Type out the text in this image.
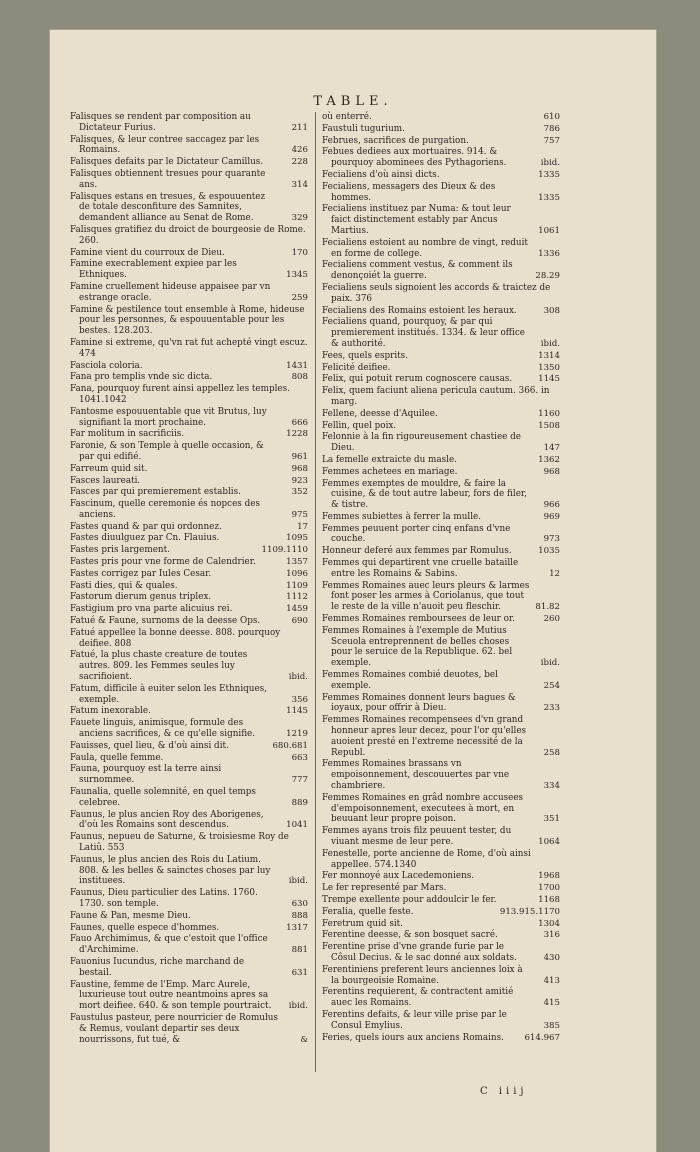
TABLE.
Falisques se rendent par composition au Dictateur Furius.	211
Falisques, & leur contree saccagez par les Romains.	426
Falisques defaits par le Dictateur Camillus.	228
Falisques obtiennent tresues pour quarante ans.	314
Falisques estans en tresues, & espouuentez de totale desconfiture des Samnites, demandent alliance au Senat de Rome.	329
Falisques gratifiez du droict de bourgeosie de Rome. 260.
Famine vient du courroux de Dieu.	170
Famine execrablement expiee par les Ethniques.	1345
Famine cruellement hideuse appaisee par vn estrange oracle.	259
Famine & pestilence tout ensemble à Rome, hideuse pour les personnes, & espouuentable pour les bestes. 128.203.
Famine si extreme, qu'vn rat fut achepté vingt escuz. 474
Fasciola coloria.	1431
Fana pro templis vnde sic dicta.	808
Fana, pourquoy furent ainsi appellez les temples. 1041.1042
Fantosme espouuentable que vit Brutus, luy signifiant la mort prochaine.	666
Far molitum in sacrificiis.	1228
Faronie, & son Temple à quelle occasion, & par qui edifié.	961
Farreum quid sit.	968
Fasces laureati.	923
Fasces par qui premierement establis.	352
Fascinum, quelle ceremonie és nopces des anciens.	975
Fastes quand & par qui ordonnez.	17
Fastes diuulguez par Cn. Flauius.	1095
Fastes pris largement.	1109.1110
Fastes pris pour vne forme de Calendrier.	1357
Fastes corrigez par Iules Cesar.	1096
Fasti dies, qui & quales.	1109
Fastorum dierum genus triplex.	1112
Fastigium pro vna parte alicuius rei.	1459
Fatué & Faune, surnoms de la deesse Ops.	690
Fatué appellee la bonne deesse. 808. pourquoy deifiee. 808
Fatué, la plus chaste creature de toutes autres. 809. les Femmes seules luy sacrifioient.	ibid.
Fatum, difficile à euiter selon les Ethniques, exemple.	356
Fatum inexorable.	1145
Fauete linguis, animisque, formule des anciens sacrifices, & ce qu'elle signifie.	1219
Fauisses, quel lieu, & d'où ainsi dit.	680.681
Faula, quelle femme.	663
Fauna, pourquoy est la terre ainsi surnommee.	777
Faunalia, quelle solemnité, en quel temps celebree.	889
Faunus, le plus ancien Roy des Aborigenes, d'où les Romains sont descendus.	1041
Faunus, nepueu de Saturne, & troisiesme Roy de Latiû. 553
Faunus, le plus ancien des Rois du Latium. 808. & les belles & sainctes choses par luy instituees.	ibid.
Faunus, Dieu particulier des Latins. 1760. 1730. son temple.	630
Faune & Pan, mesme Dieu.	888
Faunes, quelle espece d'hommes.	1317
Fauo Archimimus, & que c'estoit que l'office d'Archimime.	881
Fauonius Iucundus, riche marchand de bestail.	631
Faustine, femme de l'Emp. Marc Aurele, luxurieuse tout outre neantmoins apres sa mort deifiee. 640. & son temple pourtraict. ibid.
Faustulus pasteur, pere nourricier de Romulus & Remus, voulant departir ses deux nourrissons, fut tué, &	&
où enterré.	610
Faustuli tugurium.	786
Februes, sacrifices de purgation.	757
Febues dediees aux mortuaires. 914. & pourquoy abominees des Pythagoriens.	ibid.
Fecialiens d'où ainsi dicts.	1335
Fecialiens, messagers des Dieux & des hommes.	1335
Fecialiens instituez par Numa: & tout leur faict distinctement estably par Ancus Martius.	1061
Fecialiens estoient au nombre de vingt, reduit en forme de college.	1336
Fecialiens comment vestus, & comment ils denonçoiét la guerre.	28.29
Fecialiens seuls signoient les accords & traictez de paix. 376
Fecialiens des Romains estoient les heraux.	308
Fecialiens quand, pourquoy, & par qui premierement institués. 1334. & leur office & authorité.	ibid.
Fees, quels esprits.	1314
Felicité deifiee.	1350
Felix, qui potuit rerum cognoscere causas.	1145
Felix, quem faciunt aliena pericula cautum. 366. in marg.
Fellene, deesse d'Aquilee.	1160
Fellin, quel poix.	1508
Felonnie à la fin rigoureusement chastiee de Dieu.	147
La femelle extraicte du masle.	1362
Femmes achetees en mariage.	968
Femmes exemptes de mouldre, & faire la cuisine, & de tout autre labeur, fors de filer, & tistre.	966
Femmes subiettes à ferrer la mulle.	969
Femmes peuuent porter cinq enfans d'vne couche.	973
Honneur deferé aux femmes par Romulus.	1035
Femmes qui departirent vne cruelle bataille entre les Romains & Sabins.	12
Femmes Romaines auec leurs pleurs & larmes font poser les armes à Coriolanus, que tout le reste de la ville n'auoit peu fleschir.	81.82
Femmes Romaines remboursees de leur or.	260
Femmes Romaines à l'exemple de Mutius Sceuola entreprennent de belles choses pour le seruice de la Republique. 62. bel exemple.	ibid.
Femmes Romaines combié deuotes, bel exemple.	254
Femmes Romaines donnent leurs bagues & ioyaux, pour offrir à Dieu.	233
Femmes Romaines recompensees d'vn grand honneur apres leur decez, pour l'or qu'elles auoient presté en l'extreme necessité de la Republ.	258
Femmes Romaines brassans vn empoisonnement, descouuertes par vne chambriere.	334
Femmes Romaines en grâd nombre accusees d'empoisonnement, executees à mort, en beuuant leur propre poison.	351
Femmes ayans trois filz peuuent tester, du viuant mesme de leur pere.	1064
Fenestelle, porte ancienne de Rome, d'où ainsi appellee. 574.1340
Fer monnoyé aux Lacedemoniens.	1968
Le fer representé par Mars.	1700
Trempe exellente pour addoulcir le fer.	1168
Feralia, quelle feste.	913.915.1170
Feretrum quid sit.	1304
Ferentine deesse, & son bosquet sacré.	316
Ferentine prise d'vne grande furie par le Côsul Decius. & le sac donné aux soldats.	430
Ferentiniens preferent leurs anciennes loix à la bourgeoisie Romaine.	413
Ferentins requierent, & contractent amitié auec les Romains.	415
Ferentins defaits, & leur ville prise par le Consul Emylius.	385
Feries, quels iours aux anciens Romains. 614.967
C iiij
